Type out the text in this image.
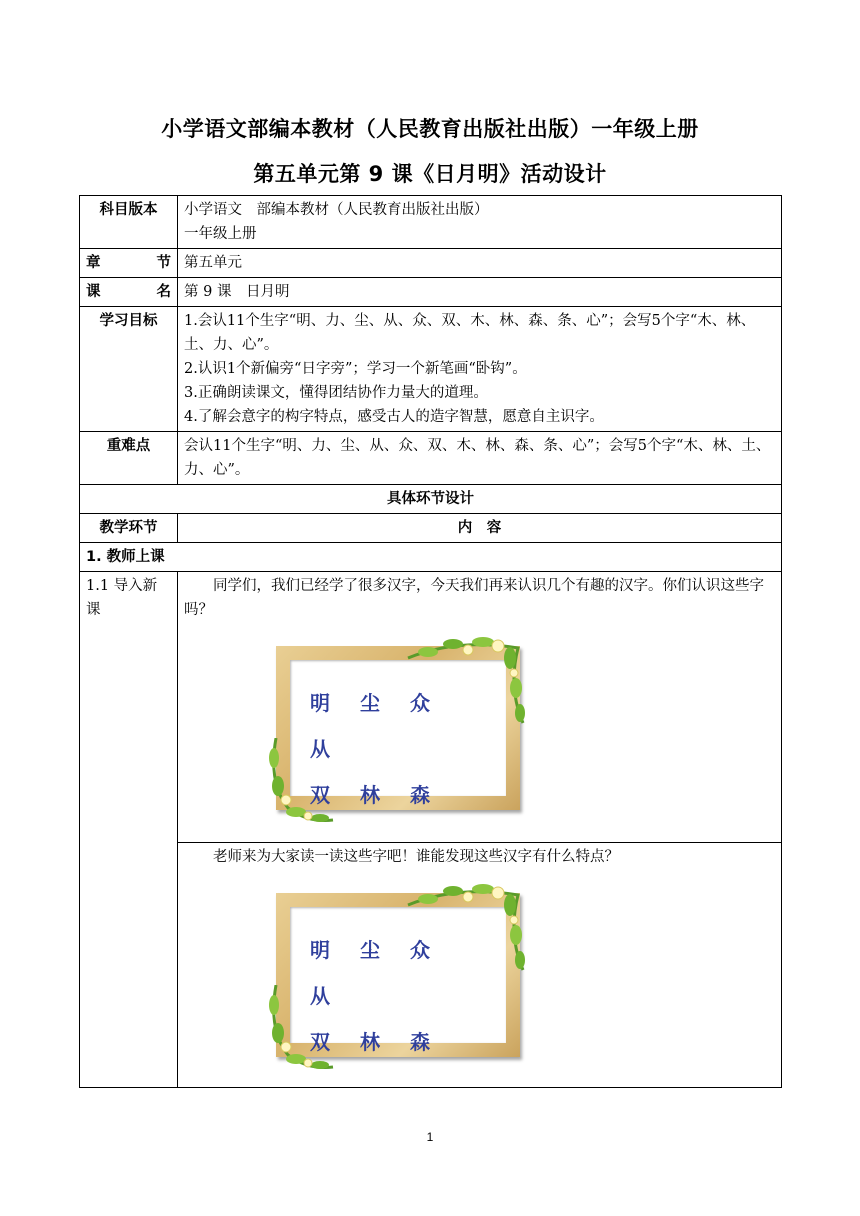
小学语文部编本教材（人民教育出版社出版）一年级上册
第五单元第 9 课《日月明》活动设计
科目版本	小学语文　部编本教材（人民教育出版社出版）
一年级上册

章　节	第五单元
课　名	第 9 课　日月明
学习目标	1.会认11个生字“明、力、尘、从、众、双、木、林、森、条、心”；会写5个字“木、林、土、力、心”。
2.认识1个新偏旁“日字旁”；学习一个新笔画“卧钩”。
3.正确朗读课文，懂得团结协作力量大的道理。
4.了解会意字的构字特点，感受古人的造字智慧，愿意自主识字。

重难点	会认11个生字“明、力、尘、从、众、双、木、林、森、条、心”；会写5个字“木、林、土、力、心”。
具体环节设计	
教学环节	内　容
1. 教师上课	
1.1 导入新课	同学们，我们已经学了很多汉字，今天我们再来认识几个有趣的汉字。你们认识这些字吗？
明 尘 众从
双 林 森

	老师来为大家读一读这些字吧！谁能发现这些汉字有什么特点？
明 尘 众从
双 林 森
1
